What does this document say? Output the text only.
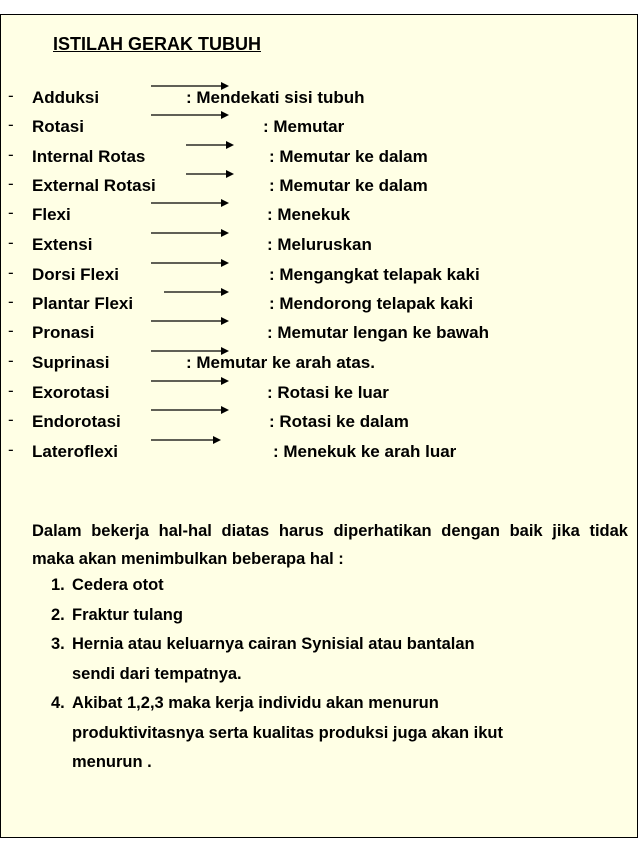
ISTILAH GERAK TUBUH
- Adduksi	: Mendekati sisi tubuh
- Rotasi	: Memutar
- Internal Rotas	: Memutar ke dalam
- External Rotasi	: Memutar ke dalam
- Flexi	: Menekuk
- Extensi	: Meluruskan
- Dorsi Flexi	: Mengangkat telapak kaki
- Plantar Flexi	: Mendorong telapak kaki
- Pronasi	: Memutar lengan ke bawah
- Suprinasi	: Memutar ke arah atas.
- Exorotasi	: Rotasi ke luar
- Endorotasi	: Rotasi ke dalam
- Lateroflexi	: Menekuk ke arah luar
Dalam bekerja hal-hal diatas harus diperhatikan dengan baik jika tidak maka akan menimbulkan beberapa hal :
1. Cedera otot
2. Fraktur tulang
3. Hernia atau keluarnya cairan Synisial atau bantalan
sendi dari tempatnya.
4. Akibat 1,2,3 maka kerja individu akan menurun
produktivitasnya serta kualitas produksi juga akan ikut
menurun .
